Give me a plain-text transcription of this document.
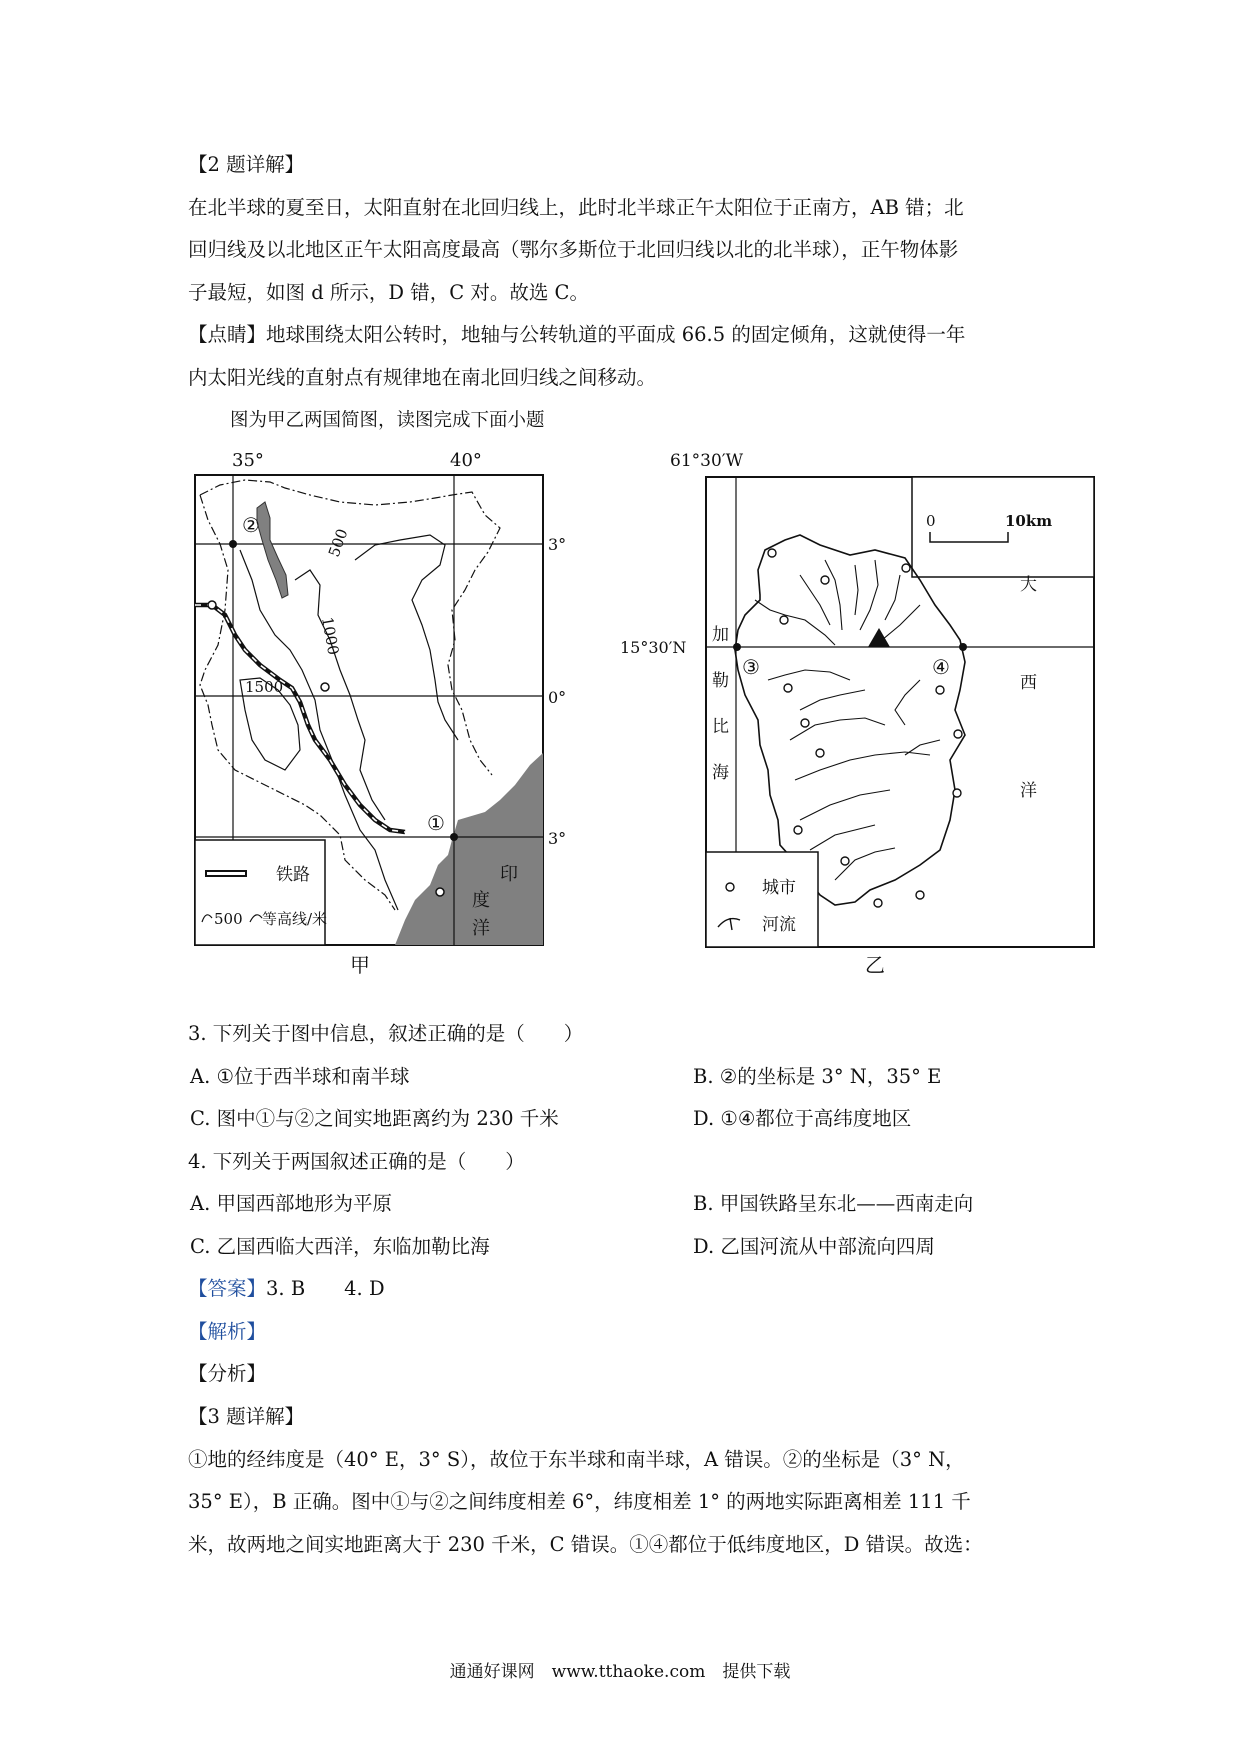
【2 题详解】
在北半球的夏至日，太阳直射在北回归线上，此时北半球正午太阳位于正南方，AB 错；北
回归线及以北地区正午太阳高度最高（鄂尔多斯位于北回归线以北的北半球），正午物体影
子最短，如图 d 所示，D 错，C 对。故选 C。
【点睛】地球围绕太阳公转时，地轴与公转轨道的平面成 66.5 的固定倾角，这就使得一年
内太阳光线的直射点有规律地在南北回归线之间移动。
图为甲乙两国简图，读图完成下面小题
35°	40°
3°
0°
3°
1000
500
1500
②
①
印
度
洋
铁路
500 等高线/米
甲
61°30′W
15°30′N
0	10km
③	④
加
勒
比
海
大
西
洋
城市
河流
乙
3. 下列关于图中信息，叙述正确的是（　　）
A. ①位于西半球和南半球	B. ②的坐标是 3° N，35° E
C. 图中①与②之间实地距离约为 230 千米	D. ①④都位于高纬度地区
4. 下列关于两国叙述正确的是（　　）
A. 甲国西部地形为平原	B. 甲国铁路呈东北——西南走向
C. 乙国西临大西洋，东临加勒比海	D. 乙国河流从中部流向四周
【答案】3. B　　4. D
【解析】
【分析】
【3 题详解】
①地的经纬度是（40° E，3° S），故位于东半球和南半球，A 错误。②的坐标是（3° N，
35° E），B 正确。图中①与②之间纬度相差 6°，纬度相差 1° 的两地实际距离相差 111 千
米，故两地之间实地距离大于 230 千米，C 错误。①④都位于低纬度地区，D 错误。故选：
通通好课网　www.tthaoke.com　提供下载
